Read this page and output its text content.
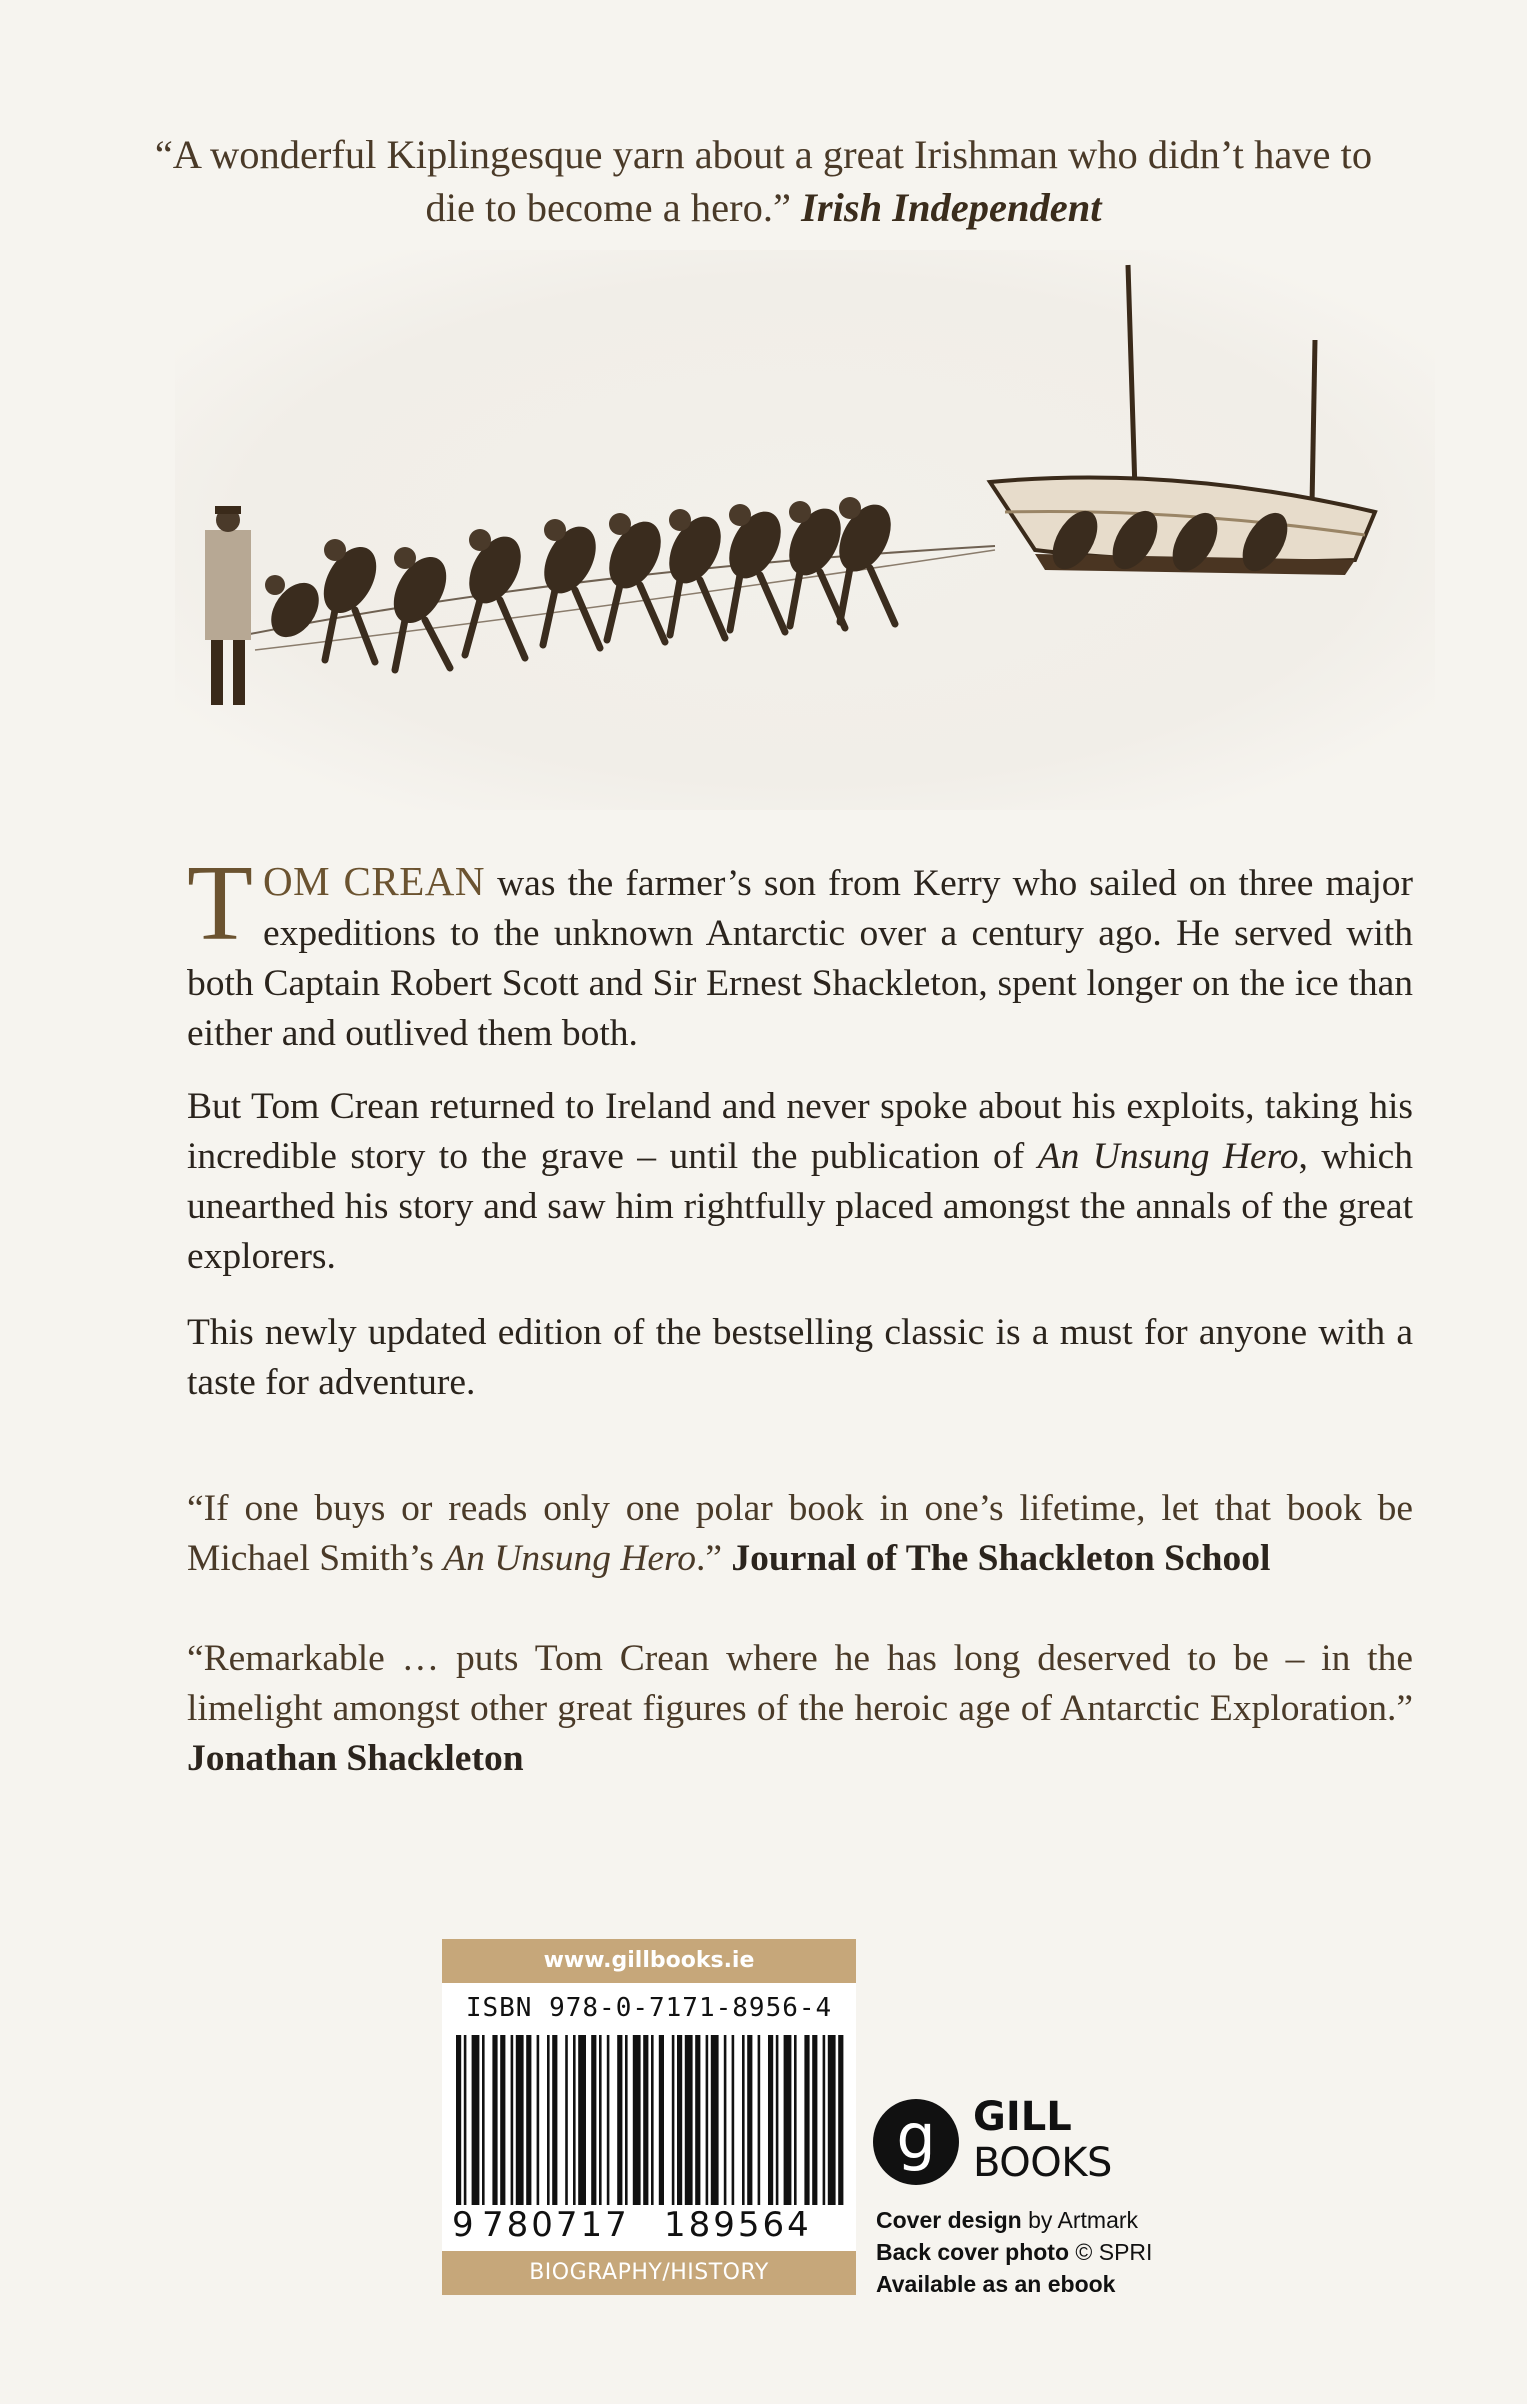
“A wonderful Kiplingesque yarn about a great Irishman who didn’t have to die to become a hero.” Irish Independent
TOM CREAN was the farmer’s son from Kerry who sailed on three major expeditions to the unknown Antarctic over a century ago. He served with both Captain Robert Scott and Sir Ernest Shackleton, spent longer on the ice than either and outlived them both.
But Tom Crean returned to Ireland and never spoke about his exploits, taking his incredible story to the grave – until the publication of An Unsung Hero, which unearthed his story and saw him rightfully placed amongst the annals of the great explorers.
This newly updated edition of the bestselling classic is a must for anyone with a taste for adventure.
“If one buys or reads only one polar book in one’s lifetime, let that book be Michael Smith’s An Unsung Hero.” Journal of The Shackleton School
“Remarkable … puts Tom Crean where he has long deserved to be – in the limelight amongst other great figures of the heroic age of Antarctic Exploration.” Jonathan Shackleton
www.gillbooks.ie
ISBN 978-0-7171-8956-4
9 780717 189564
BIOGRAPHY/HISTORY
g GILL
BOOKS
Cover design by Artmark
Back cover photo © SPRI
Available as an ebook
